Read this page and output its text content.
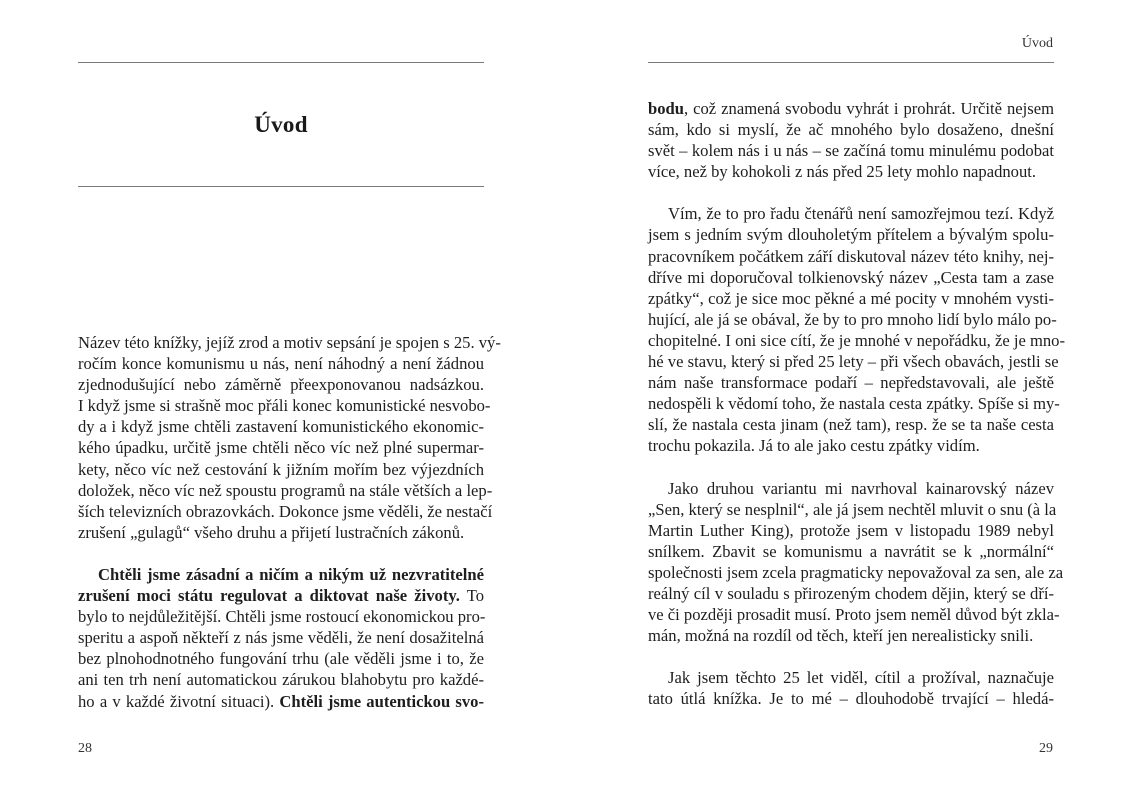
Úvod

Název této knížky, jejíž zrod a motiv sepsání je spojen s 25. vý-
ročím konce komunismu u nás, není náhodný a není žádnou
zjednodušující nebo záměrně přeexponovanou nadsázkou.
I když jsme si strašně moc přáli konec komunistické nesvobo-
dy a i když jsme chtěli zastavení komunistického ekonomic-
kého úpadku, určitě jsme chtěli něco víc než plné supermar-
kety, něco víc než cestování k jižním mořím bez výjezdních
doložek, něco víc než spoustu programů na stále větších a lep-
ších televizních obrazovkách. Dokonce jsme věděli, že nestačí
zrušení „gulagů“ všeho druhu a přijetí lustračních zákonů.

Chtěli jsme zásadní a ničím a nikým už nezvratitelné
zrušení moci státu regulovat a diktovat naše životy. To
bylo to nejdůležitější. Chtěli jsme rostoucí ekonomickou pro-
speritu a aspoň někteří z nás jsme věděli, že není dosažitelná
bez plnohodnotného fungování trhu (ale věděli jsme i to, že
ani ten trh není automatickou zárukou blahobytu pro každé-
ho a v každé životní situaci). Chtěli jsme autentickou svo-

28
Úvod

bodu, což znamená svobodu vyhrát i prohrát. Určitě nejsem
sám, kdo si myslí, že ač mnohého bylo dosaženo, dnešní
svět – kolem nás i u nás – se začíná tomu minulému podobat
více, než by kohokoli z nás před 25 lety mohlo napadnout.

Vím, že to pro řadu čtenářů není samozřejmou tezí. Když
jsem s jedním svým dlouholetým přítelem a bývalým spolu-
pracovníkem počátkem září diskutoval název této knihy, nej-
dříve mi doporučoval tolkienovský název „Cesta tam a zase
zpátky“, což je sice moc pěkné a mé pocity v mnohém vysti-
hující, ale já se obával, že by to pro mnoho lidí bylo málo po-
chopitelné. I oni sice cítí, že je mnohé v nepořádku, že je mno-
hé ve stavu, který si před 25 lety – při všech obavách, jestli se
nám naše transformace podaří – nepředstavovali, ale ještě
nedospěli k vědomí toho, že nastala cesta zpátky. Spíše si my-
slí, že nastala cesta jinam (než tam), resp. že se ta naše cesta
trochu pokazila. Já to ale jako cestu zpátky vidím.

Jako druhou variantu mi navrhoval kainarovský název
„Sen, který se nesplnil“, ale já jsem nechtěl mluvit o snu (à la
Martin Luther King), protože jsem v listopadu 1989 nebyl
snílkem. Zbavit se komunismu a navrátit se k „normální“
společnosti jsem zcela pragmaticky nepovažoval za sen, ale za
reálný cíl v souladu s přirozeným chodem dějin, který se dří-
ve či později prosadit musí. Proto jsem neměl důvod být zkla-
mán, možná na rozdíl od těch, kteří jen nerealisticky snili.

Jak jsem těchto 25 let viděl, cítil a prožíval, naznačuje
tato útlá knížka. Je to mé – dlouhodobě trvající – hledá-

29
